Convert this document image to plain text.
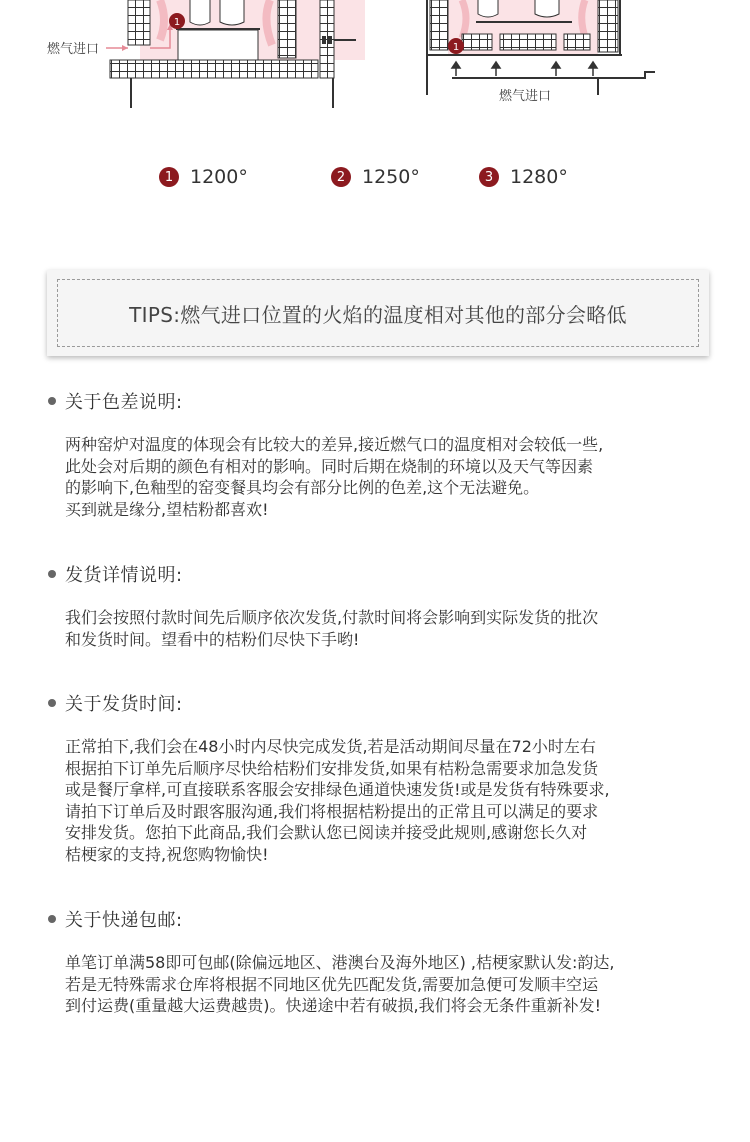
燃气进口
1
燃气进口
1
1 1200°	2 1250°	3 1280°
TIPS:燃气进口位置的火焰的温度相对其他的部分会略低
关于色差说明:

两种窑炉对温度的体现会有比较大的差异,接近燃气口的温度相对会较低一些,
此处会对后期的颜色有相对的影响。同时后期在烧制的环境以及天气等因素
的影响下,色釉型的窑变餐具均会有部分比例的色差,这个无法避免。
买到就是缘分,望桔粉都喜欢!

发货详情说明:

我们会按照付款时间先后顺序依次发货,付款时间将会影响到实际发货的批次
和发货时间。望看中的桔粉们尽快下手哟!

关于发货时间:

正常拍下,我们会在48小时内尽快完成发货,若是活动期间尽量在72小时左右
根据拍下订单先后顺序尽快给桔粉们安排发货,如果有桔粉急需要求加急发货
或是餐厅拿样,可直接联系客服会安排绿色通道快速发货!或是发货有特殊要求,
请拍下订单后及时跟客服沟通,我们将根据桔粉提出的正常且可以满足的要求
安排发货。您拍下此商品,我们会默认您已阅读并接受此规则,感谢您长久对
桔梗家的支持,祝您购物愉快!

关于快递包邮:

单笔订单满58即可包邮(除偏远地区、港澳台及海外地区) ,桔梗家默认发:韵达,
若是无特殊需求仓库将根据不同地区优先匹配发货,需要加急便可发顺丰空运
到付运费(重量越大运费越贵)。快递途中若有破损,我们将会无条件重新补发!
